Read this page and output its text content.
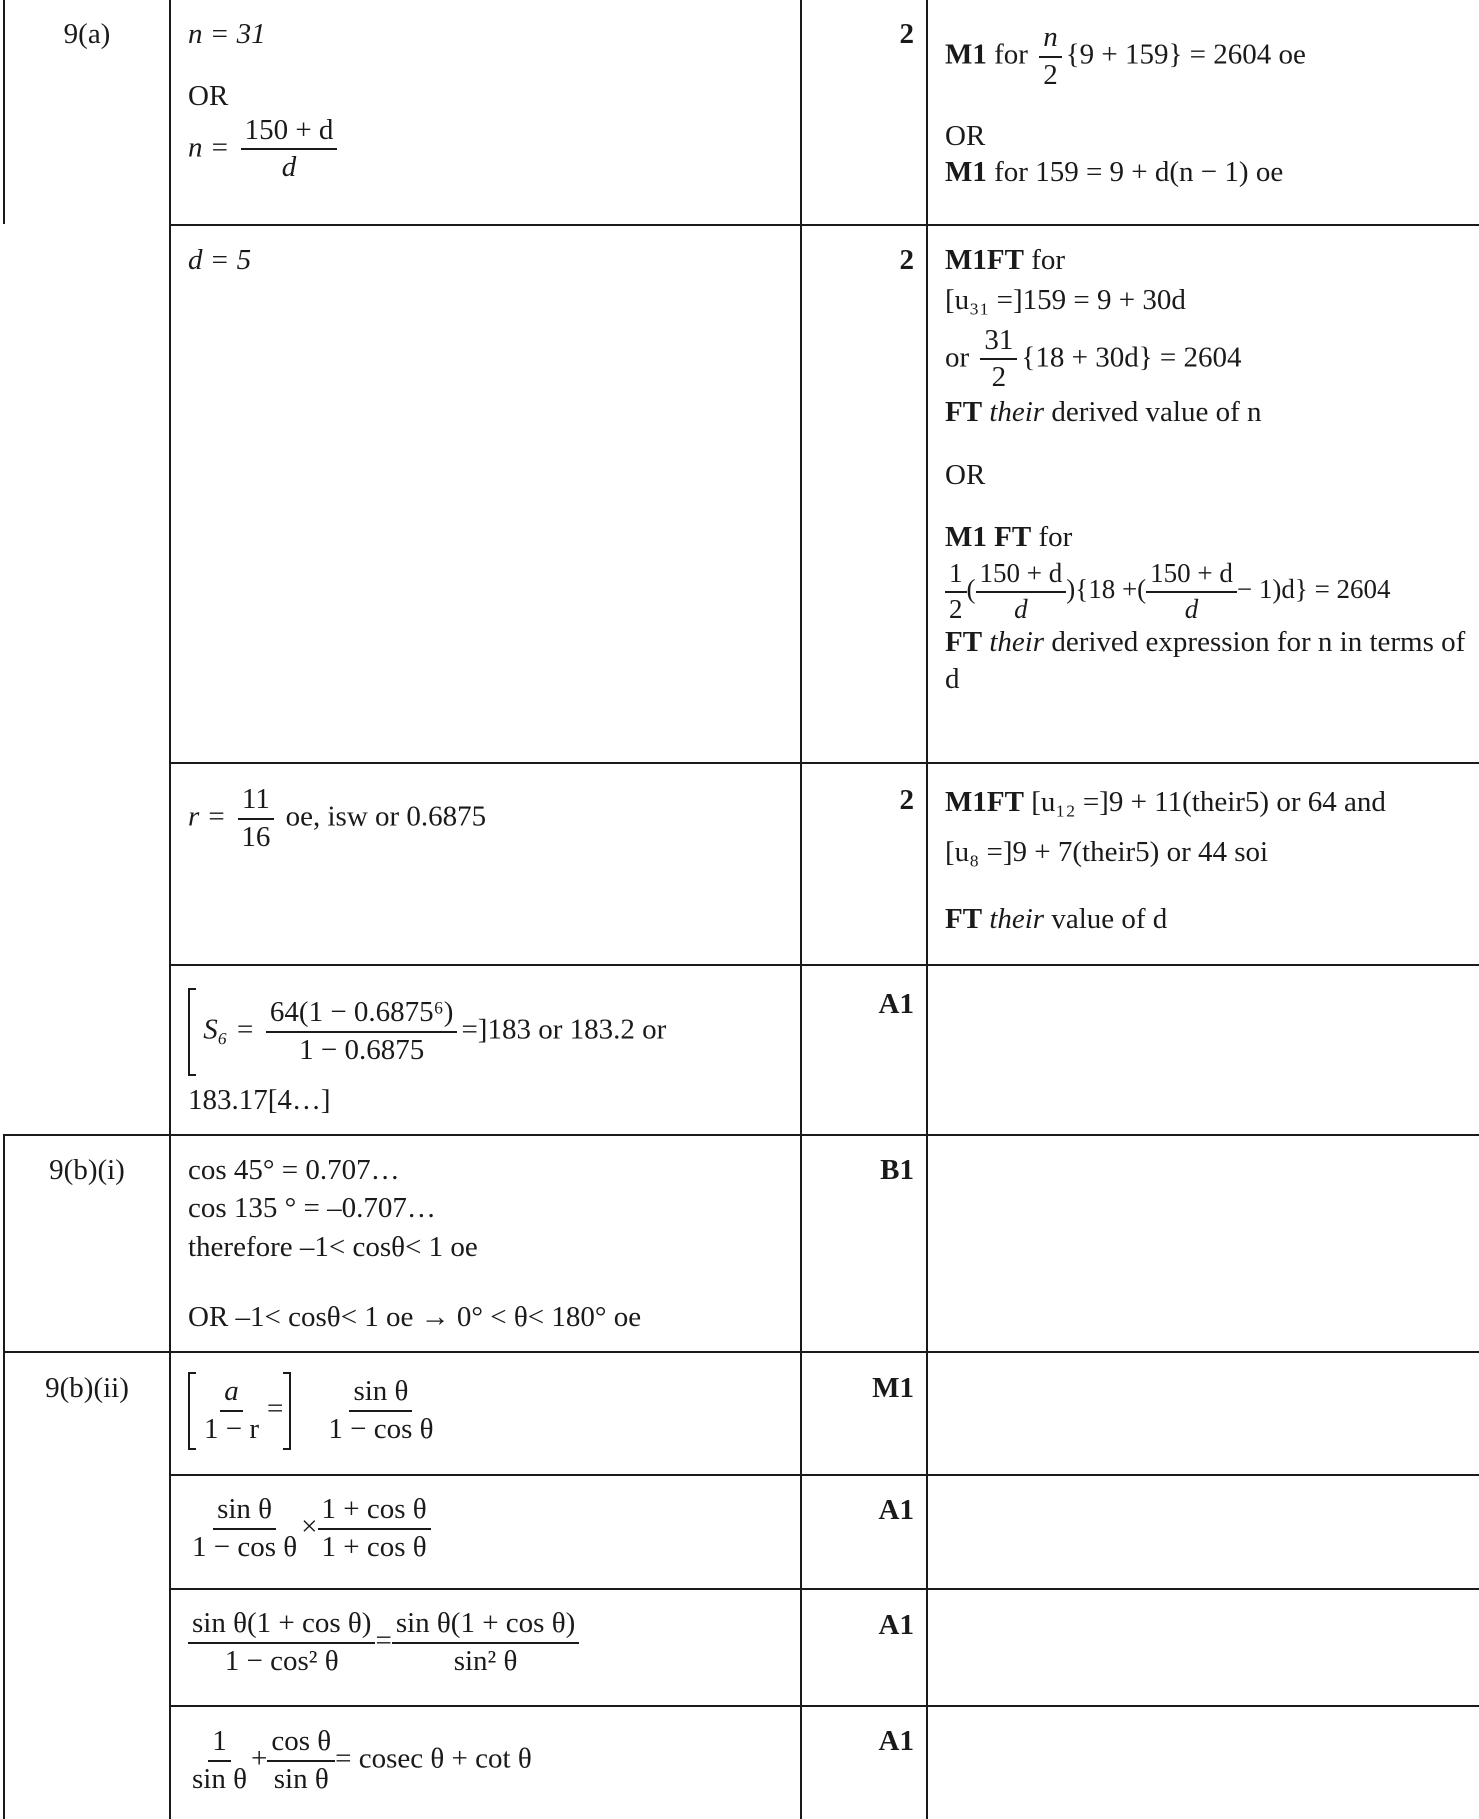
9(a)
9(b)(i)
9(b)(ii)
2
2
2
A1
B1
M1
A1
A1
A1
n = 31
OR
$n = \frac{150 + d}{d}$
M1 for $\frac{n}{2} \{9 + 159\} = 2604$ oe
OR
M1 for 159 = 9 + d(n − 1) oe
d = 5	M1FT for
[u₃₁ =]159 = 9 + 30d
or $\frac{31}{2} \{18 + 30d\} = 2604$
FT their derived value of n
OR
M1 FT for
$\frac{1}{2}$ ( $\frac{150 + d}{d} )\{18$ +( $\frac{150 + d}{d} - 1)d\} = 2604$
FT their derived expression for n in terms of d
$r = \frac{11}{16}$ oe, isw or 0.6875	M1FT [u₁₂ =]9 + 11(their5) or 64 and
[u₈ =]9 + 7(their5) or 44 soi
FT their value of d
$S_6 = \frac{\text{64(1 − 0.6875⁶)}}{1 - 0.6875} =]183$ or 183.2 or
183.17[4…]
cos 45° = 0.707…
cos 135 ° = –0.707…
therefore –1< cosθ< 1 oe
OR –1< cosθ< 1 oe → 0° < θ< 180° oe
$\frac{a}{1 - r} = \frac{\text{sin θ}}{\text{1 − cos θ}}$
$\frac{\text{sin θ}}{\text{1 − cos θ}} \times \frac{\text{1 + cos θ}}{\text{1 + cos θ}}$
$\frac{\text{sin θ(1 + cos θ)}}{\text{1 − cos² θ}} = \frac{\text{sin θ(1 + cos θ)}}{\text{sin² θ}}$
$\frac{1}{\text{sin θ}} + \frac{\text{cos θ}}{\text{sin θ}} = cosec$ θ + cot θ
